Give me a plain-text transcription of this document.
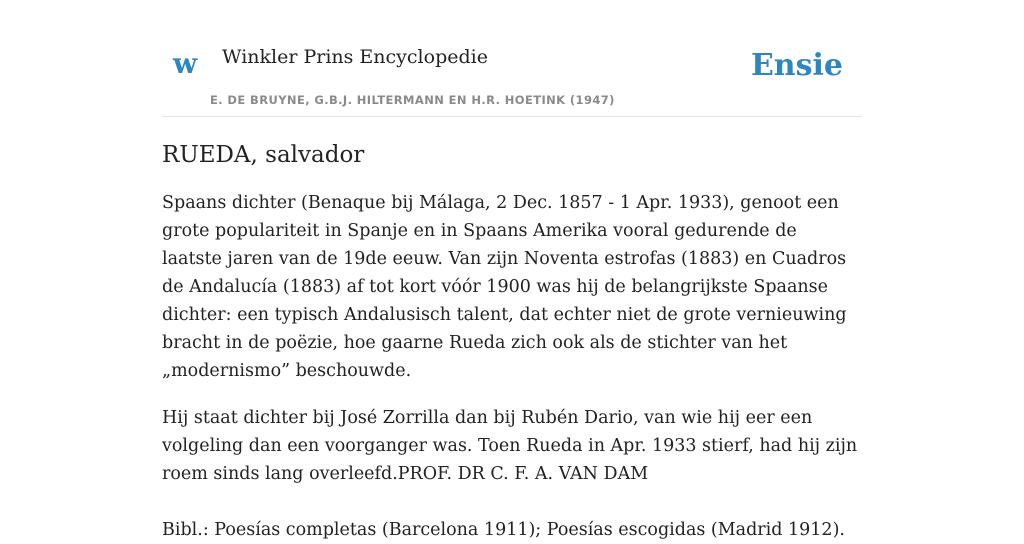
w Winkler Prins Encyclopedie
E. DE BRUYNE, G.B.J. HILTERMANN EN H.R. HOETINK (1947)
Ensie
RUEDA, salvador

Spaans dichter (Benaque bij Málaga, 2 Dec. 1857 - 1 Apr. 1933), genoot een grote populariteit in Spanje en in Spaans Amerika vooral gedurende de laatste jaren van de 19de eeuw. Van zijn Noventa estrofas (1883) en Cuadros de Andalucía (1883) af tot kort vóór 1900 was hij de belangrijkste Spaanse dichter: een typisch Andalusisch talent, dat echter niet de grote vernieuwing bracht in de poëzie, hoe gaarne Rueda zich ook als de stichter van het „modernismo” beschouwde.

Hij staat dichter bij José Zorrilla dan bij Rubén Dario, van wie hij eer een volgeling dan een voorganger was. Toen Rueda in Apr. 1933 stierf, had hij zijn roem sinds lang overleefd.PROF. DR C. F. A. VAN DAM

Bibl.: Poesías completas (Barcelona 1911); Poesías escogidas (Madrid 1912).
